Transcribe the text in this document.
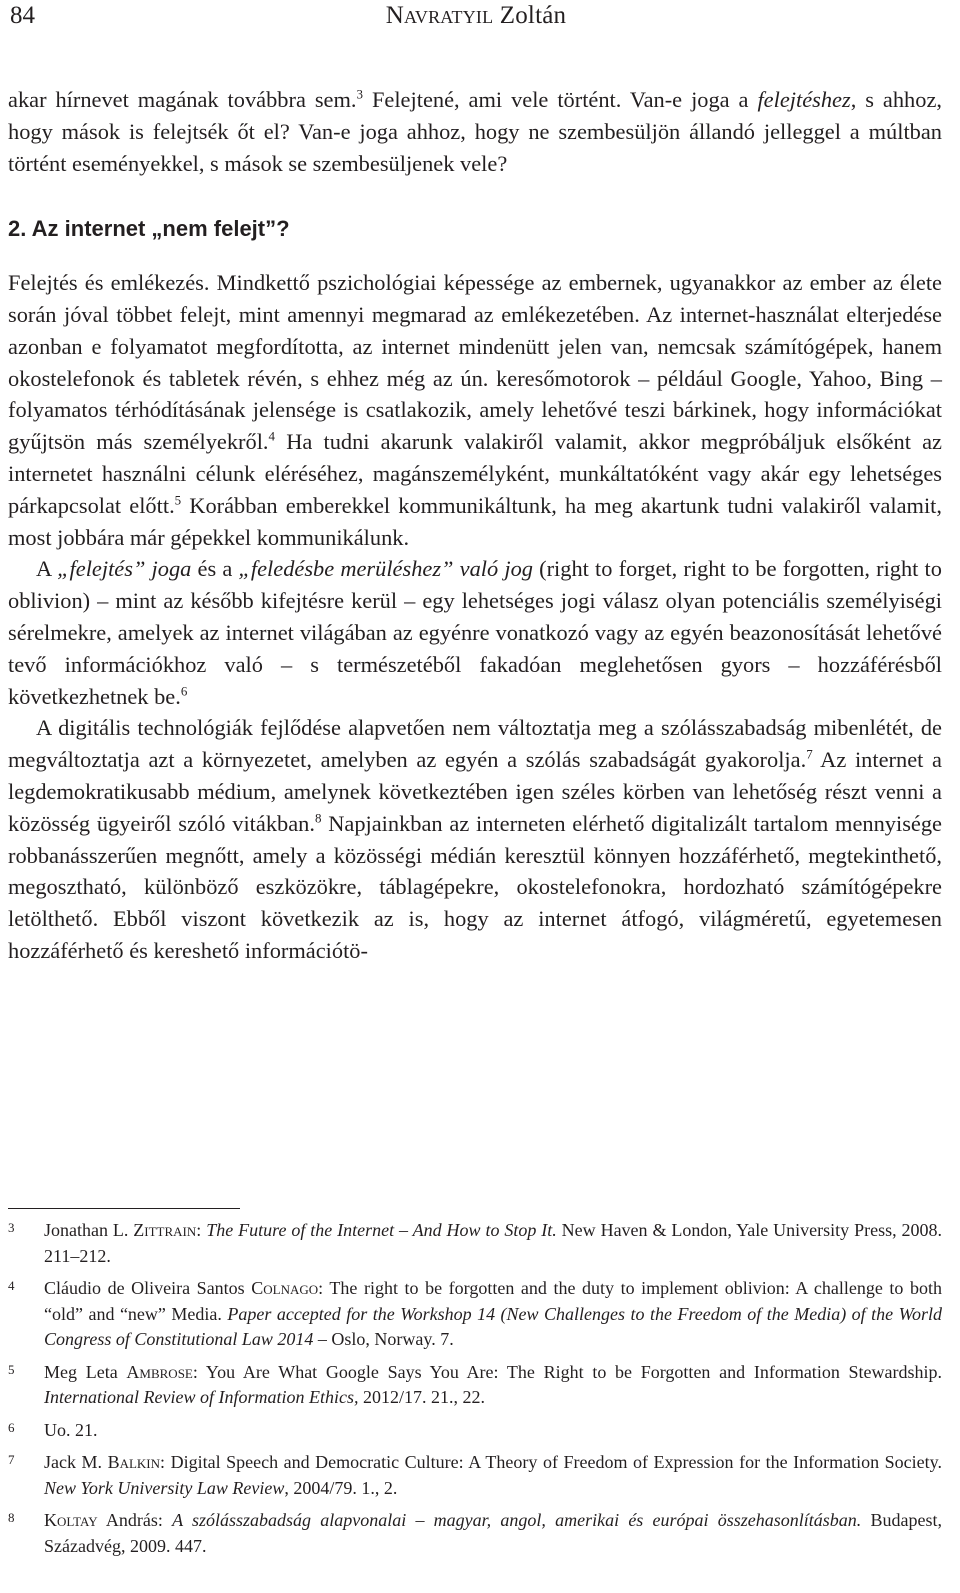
84	Navratyil Zoltán

akar hírnevet magának továbbra sem.$^3$ Felejtené, ami vele történt. Van-e joga a felejtéshez, s ahhoz, hogy mások is felejtsék őt el? Van-e joga ahhoz, hogy ne szembesüljön állandó jelleggel a múltban történt eseményekkel, s mások se szembesüljenek vele?

2. Az internet „nem felejt”?

Felejtés és emlékezés. Mindkettő pszichológiai képessége az embernek, ugyanakkor az ember az élete során jóval többet felejt, mint amennyi megmarad az emlékezetében. Az internet-használat elterjedése azonban e folyamatot megfordította, az internet mindenütt jelen van, nemcsak számítógépek, hanem okostelefonok és tabletek révén, s ehhez még az ún. keresőmotorok – például Google, Yahoo, Bing – folyamatos térhódításának jelensége is csatlakozik, amely lehetővé teszi bárkinek, hogy információkat gyűjtsön más személyekről.$^4$ Ha tudni akarunk valakiről valamit, akkor megpróbáljuk elsőként az internetet használni célunk eléréséhez, magánszemélyként, munkáltatóként vagy akár egy lehetséges párkapcsolat előtt.$^5$ Korábban emberekkel kommunikáltunk, ha meg akartunk tudni valakiről valamit, most jobbára már gépekkel kommunikálunk.

A „felejtés” joga és a „feledésbe merüléshez” való jog (right to forget, right to be forgotten, right to oblivion) – mint az később kifejtésre kerül – egy lehetséges jogi válasz olyan potenciális személyiségi sérelmekre, amelyek az internet világában az egyénre vonatkozó vagy az egyén beazonosítását lehetővé tevő információkhoz való – s természetéből fakadóan meglehetősen gyors – hozzáférésből következhetnek be.$^6$

A digitális technológiák fejlődése alapvetően nem változtatja meg a szólásszabadság mibenlétét, de megváltoztatja azt a környezetet, amelyben az egyén a szólás szabadságát gyakorolja.$^7$ Az internet a legdemokratikusabb médium, amelynek következtében igen széles körben van lehetőség részt venni a közösség ügyeiről szóló vitákban.$^8$ Napjainkban az interneten elérhető digitalizált tartalom mennyisége robbanásszerűen megnőtt, amely a közösségi médián keresztül könnyen hozzáférhető, megtekinthető, megosztható, különböző eszközökre, táblagépekre, okostelefonokra, hordozható számítógépekre letölthető. Ebből viszont következik az is, hogy az internet átfogó, világméretű, egyetemesen hozzáférhető és kereshető információtö-

3 Jonathan L. Zittrain: The Future of the Internet – And How to Stop It. New Haven & London, Yale University Press, 2008. 211–212.
4 Cláudio de Oliveira Santos Colnago: The right to be forgotten and the duty to implement oblivion: A challenge to both “old” and “new” Media. Paper accepted for the Workshop 14 (New Challenges to the Freedom of the Media) of the World Congress of Constitutional Law 2014 – Oslo, Norway. 7.
5 Meg Leta Ambrose: You Are What Google Says You Are: The Right to be Forgotten and Information Stewardship. International Review of Information Ethics, 2012/17. 21., 22.
6 Uo. 21.
7 Jack M. Balkin: Digital Speech and Democratic Culture: A Theory of Freedom of Expression for the Information Society. New York University Law Review, 2004/79. 1., 2.
8 Koltay András: A szólásszabadság alapvonalai – magyar, angol, amerikai és európai összehasonlításban. Budapest, Századvég, 2009. 447.
